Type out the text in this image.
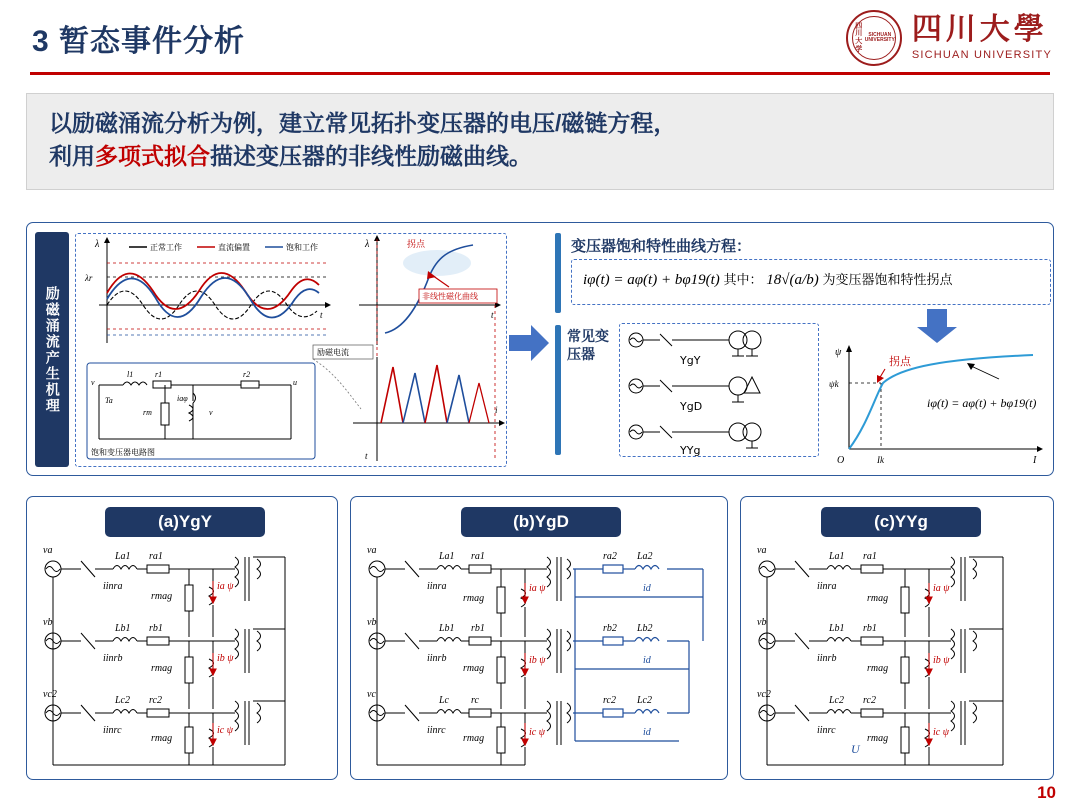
3 暂态事件分析	四川大学
SICHUAN UNIVERSITY 四川大學
SICHUAN UNIVERSITY
以励磁涌流分析为例，建立常见拓扑变压器的电压/磁链方程，
利用多项式拟合描述变压器的非线性励磁曲线。
励磁涌流产生机理
正常工作	直流偏置	饱和工作
λ
t
λr
λ
t
拐点
非线性磁化曲线
i
t
励磁电流
饱和变压器电路图
v
l1	r1
Ta
r2
u
rm
iaφ
v
常见变压器	YgY
YgD
YYg
变压器饱和特性曲线方程：
iφ(t) = aφ(t) + bφ19(t) 其中： 18√(a/b) 为变压器饱和特性拐点
ψ
I
O
ψk
Ik
拐点
iφ(t) = aφ(t) + bφ19(t)
(a)YgY
va
La1 ra1
vb
Lb1 rb1
vc2
Lc2 rc2
iinra
iinrb
iinrc
rmag
rmag
rmag
ia ψ
ib ψ
ic ψ
(b)YgD
va
La1 ra1
vb
Lb1 rb1
vc
Lc rc
iinra
iinrb
iinrc
rmag
rmag
rmag
ra2 La2
rb2 Lb2
rc2 Lc2
id
id
id
ia ψ
ib ψ
ic ψ
(c)YYg
va
La1 ra1
vb
Lb1 rb1
vc2
Lc2 rc2
iinra
iinrb
iinrc
rmag
rmag
rmag
ia ψ
ib ψ
ic ψ
U
10
